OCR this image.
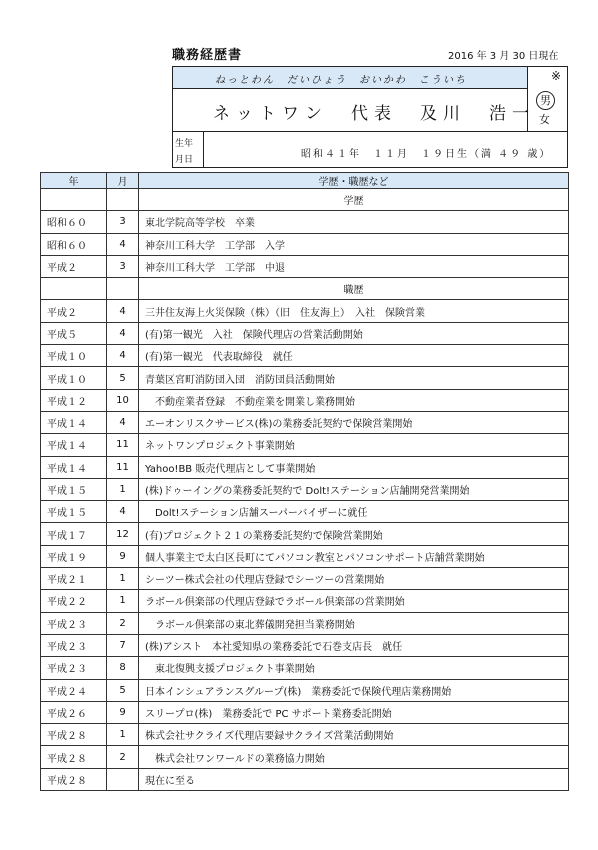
職務経歴書	2016 年 3 月 30 日現在
ねっとわん　だいひょう　おいかわ　こういち
ネットワン　代表　及川　浩一
※
男
女
生年
月日	昭和４１年　１１月　１９日生（満 ４９ 歳）
年	月	学歴・職歴など
		学歴
昭和６０	3	東北学院高等学校　卒業
昭和６０	4	神奈川工科大学　工学部　入学
平成２	3	神奈川工科大学　工学部　中退
		職歴
平成２	4	三井住友海上火災保険（株）（旧　住友海上）　入社　保険営業
平成５	4	(有)第一観光　入社　保険代理店の営業活動開始
平成１０	4	(有)第一観光　代表取締役　就任
平成１０	5	青葉区宮町消防団入団　消防団員活動開始
平成１２	10	　不動産業者登録　不動産業を開業し業務開始
平成１４	4	エーオンリスクサービス(株)の業務委託契約で保険営業開始
平成１４	11	ネットワンプロジェクト事業開始
平成１４	11	Yahoo!BB 販売代理店として事業開始
平成１５	1	(株)ドゥーイングの業務委託契約で Dolt!ステーション店舗開発営業開始
平成１５	4	　Dolt!ステーション店舗スーパーバイザーに就任
平成１７	12	(有)プロジェクト２１の業務委託契約で保険営業開始
平成１９	9	個人事業主で太白区長町にてパソコン教室とパソコンサポート店舗営業開始
平成２１	1	シーツー株式会社の代理店登録でシーツーの営業開始
平成２２	1	ラボール倶楽部の代理店登録でラボール倶楽部の営業開始
平成２３	2	　ラボール倶楽部の東北葬儀開発担当業務開始
平成２３	7	(株)アシスト　本社愛知県の業務委託で石巻支店長　就任
平成２３	8	　東北復興支援プロジェクト事業開始
平成２４	5	日本インシュアランスグループ(株)　業務委託で保険代理店業務開始
平成２６	9	スリープロ(株)　業務委託で PC サポート業務委託開始
平成２８	1	株式会社サクライズ代理店要録サクライズ営業活動開始
平成２８	2	　株式会社ワンワールドの業務協力開始
平成２８		現在に至る
